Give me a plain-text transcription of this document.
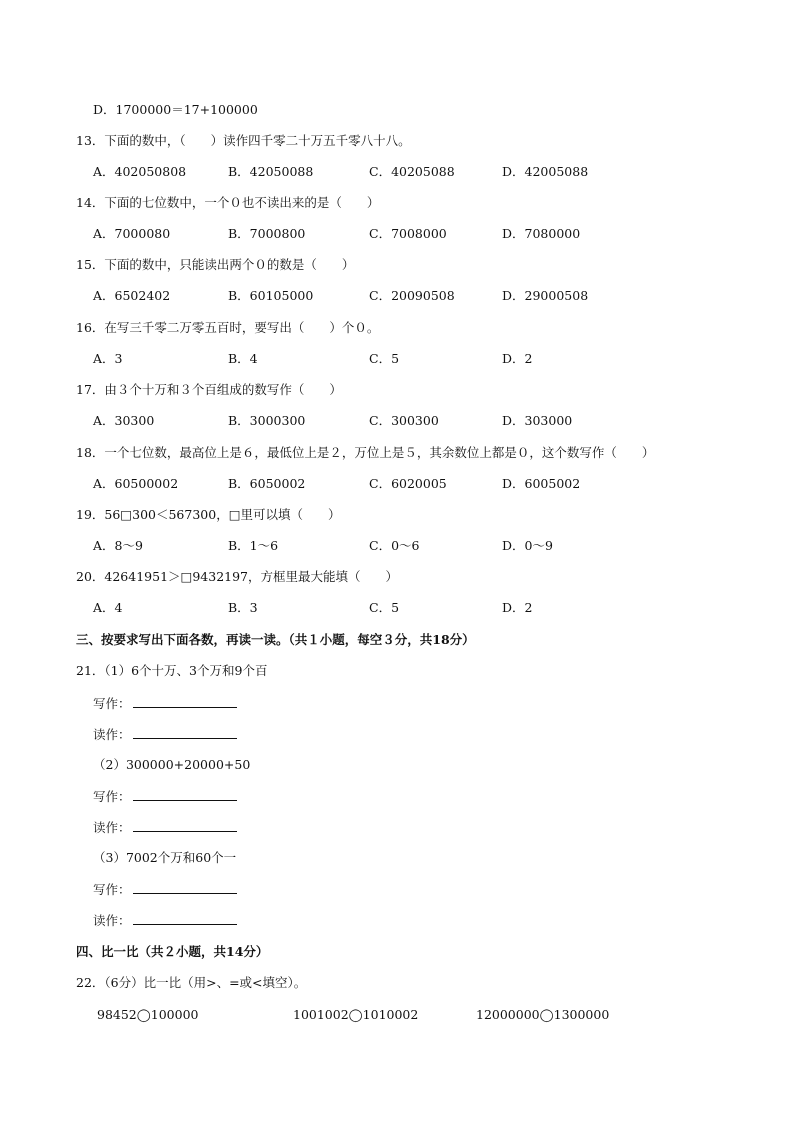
D．1700000＝17+100000
13．下面的数中，（　　）读作四千零二十万五千零八十八。
A．402050808	B．42050088	C．40205088	D．42005088
14．下面的七位数中，一个０也不读出来的是（　　）
A．7000080	B．7000800	C．7008000	D．7080000
15．下面的数中，只能读出两个０的数是（　　）
A．6502402	B．60105000	C．20090508	D．29000508
16．在写三千零二万零五百时，要写出（　　）个０。
A．3	B．4	C．5	D．2
17．由３个十万和３个百组成的数写作（　　）
A．30300	B．3000300	C．300300	D．303000
18．一个七位数，最高位上是６，最低位上是２，万位上是５，其余数位上都是０，这个数写作（　　）
A．60500002	B．6050002	C．6020005	D．6005002
19．56□300＜567300，□里可以填（　　）
A．8～9	B．1～6	C．0～6	D．0～9
20．42641951＞□9432197，方框里最大能填（　　）
A．4	B．3	C．5	D．2
三、按要求写出下面各数，再读一读。（共１小题，每空３分，共18分）
21．（1）6个十万、3个万和9个百
写作：
读作：
（2）300000+20000+50
写作：
读作：
（3）7002个万和60个一
写作：
读作：
四、比一比（共２小题，共14分）
22．（6分）比一比（用>、=或<填空）。
98452◯100000	1001002◯1010002	12000000◯1300000
